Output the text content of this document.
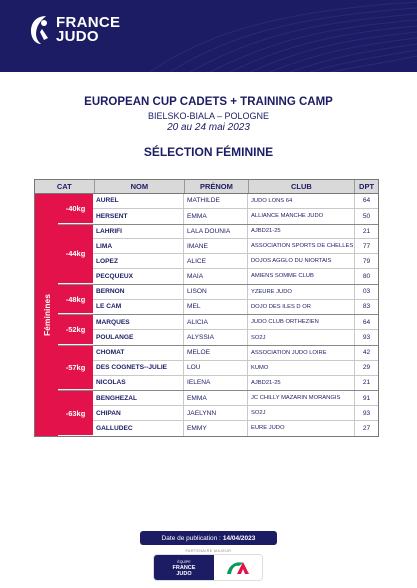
FRANCE
JUDO
EUROPEAN CUP CADETS + TRAINING CAMP
BIELSKO-BIALA – POLOGNE
20 au 24 mai 2023
SÉLECTION FÉMININE
CAT	NOM	PRÉNOM	CLUB	DPT
Féminines
-40kg
AUREL	MATHILDE	JUDO LONS 64	64
HERSENT	EMMA	ALLIANCE MANCHE JUDO	50
-44kg
LAHRIFI	LALA DOUNIA	AJBD21-25	21
LIMA	IMANE	ASSOCIATION SPORTS DE CHELLES	77
LOPEZ	ALICE	DOJOS AGGLO DU NIORTAIS	79
PECQUEUX	MAIA	AMIENS SOMME CLUB	80
-48kg
BERNON	LISON	YZEURE JUDO	03
LE CAM	MEL	DOJO DES ILES D OR	83
-52kg
MARQUES	ALICIA	JUDO CLUB ORTHEZIEN	64
POULANGE	ALYSSIA	SO2J	93
-57kg
CHOMAT	MELOE	ASSOCIATION JUDO LOIRE	42
DES COGNETS--JULIE	LOU	KUMO	29
NICOLAS	IELENA	AJBD21-25	21
-63kg
BENGHEZAL	EMMA	JC CHILLY MAZARIN MORANGIS	91
CHIPAN	JAELYNN	SO2J	93
GALLUDEC	EMMY	EURE JUDO	27
Date de publication : 14/04/2023
PARTENAIRE MAJEUR
ÉQUIPE
FRANCE
JUDO
